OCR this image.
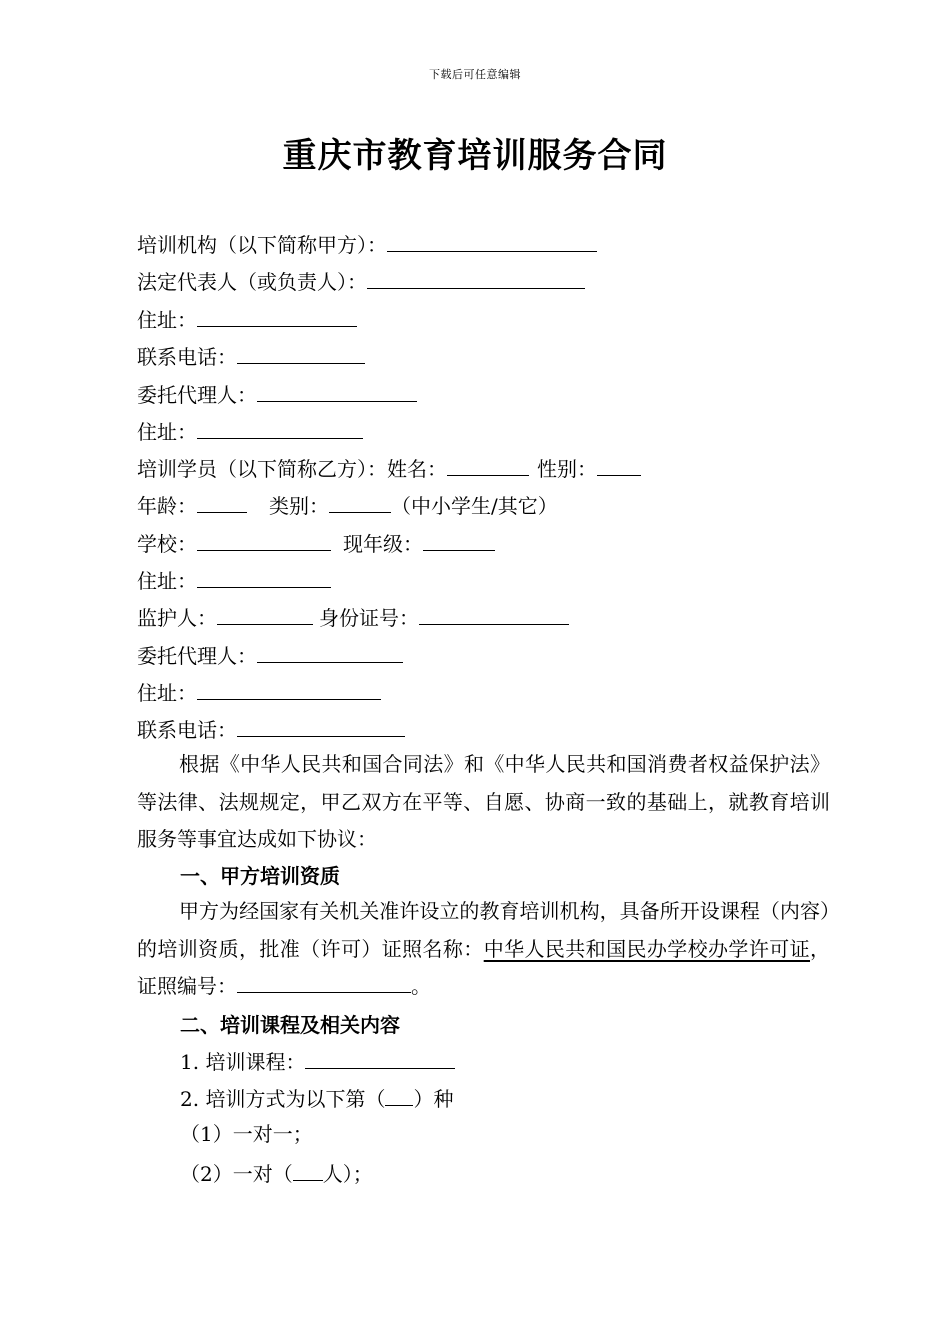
下载后可任意编辑
重庆市教育培训服务合同
培训机构（以下简称甲方）：
法定代表人（或负责人）：
住址：
联系电话：
委托代理人：
住址：
培训学员（以下简称乙方）：姓名：	性别：
年龄：	类别：	（中小学生/其它）
学校：	现年级：
住址：
监护人：	身份证号：
委托代理人：
住址：
联系电话：
根据《中华人民共和国合同法》和《中华人民共和国消费者权益保护法》等法律、法规规定，甲乙双方在平等、自愿、协商一致的基础上，就教育培训服务等事宜达成如下协议：
一、甲方培训资质
甲方为经国家有关机关准许设立的教育培训机构，具备所开设课程（内容）的培训资质，批准（许可）证照名称：中华人民共和国民办学校办学许可证，证照编号：	。
二、培训课程及相关内容
1. 培训课程：
2. 培训方式为以下第（ ）种
（1）一对一；
（2）一对（ 人）；
